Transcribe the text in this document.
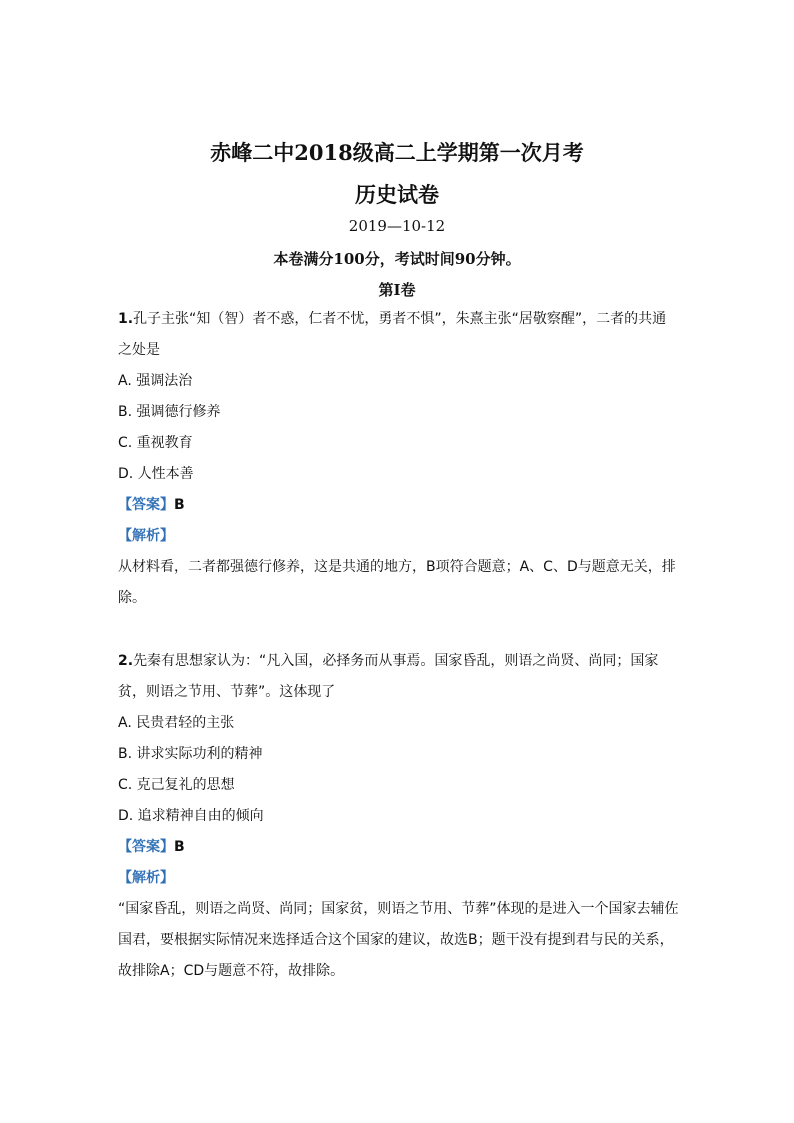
赤峰二中2018级高二上学期第一次月考
历史试卷
2019—10-12
本卷满分100分，考试时间90分钟。
第Ⅰ卷

1.孔子主张“知（智）者不惑，仁者不忧，勇者不惧”，朱熹主张“居敬察醒”，二者的共通之处是

A. 强调法治

B. 强调德行修养

C. 重视教育

D. 人性本善

【答案】B

【解析】

从材料看，二者都强德行修养，这是共通的地方，B项符合题意；A、C、D与题意无关，排除。

2.先秦有思想家认为：“凡入国，必择务而从事焉。国家昏乱，则语之尚贤、尚同；国家贫，则语之节用、节葬”。这体现了

A. 民贵君轻的主张

B. 讲求实际功利的精神

C. 克己复礼的思想

D. 追求精神自由的倾向

【答案】B

【解析】

“国家昏乱，则语之尚贤、尚同；国家贫，则语之节用、节葬”体现的是进入一个国家去辅佐国君，要根据实际情况来选择适合这个国家的建议，故选B；题干没有提到君与民的关系，故排除A；CD与题意不符，故排除。
